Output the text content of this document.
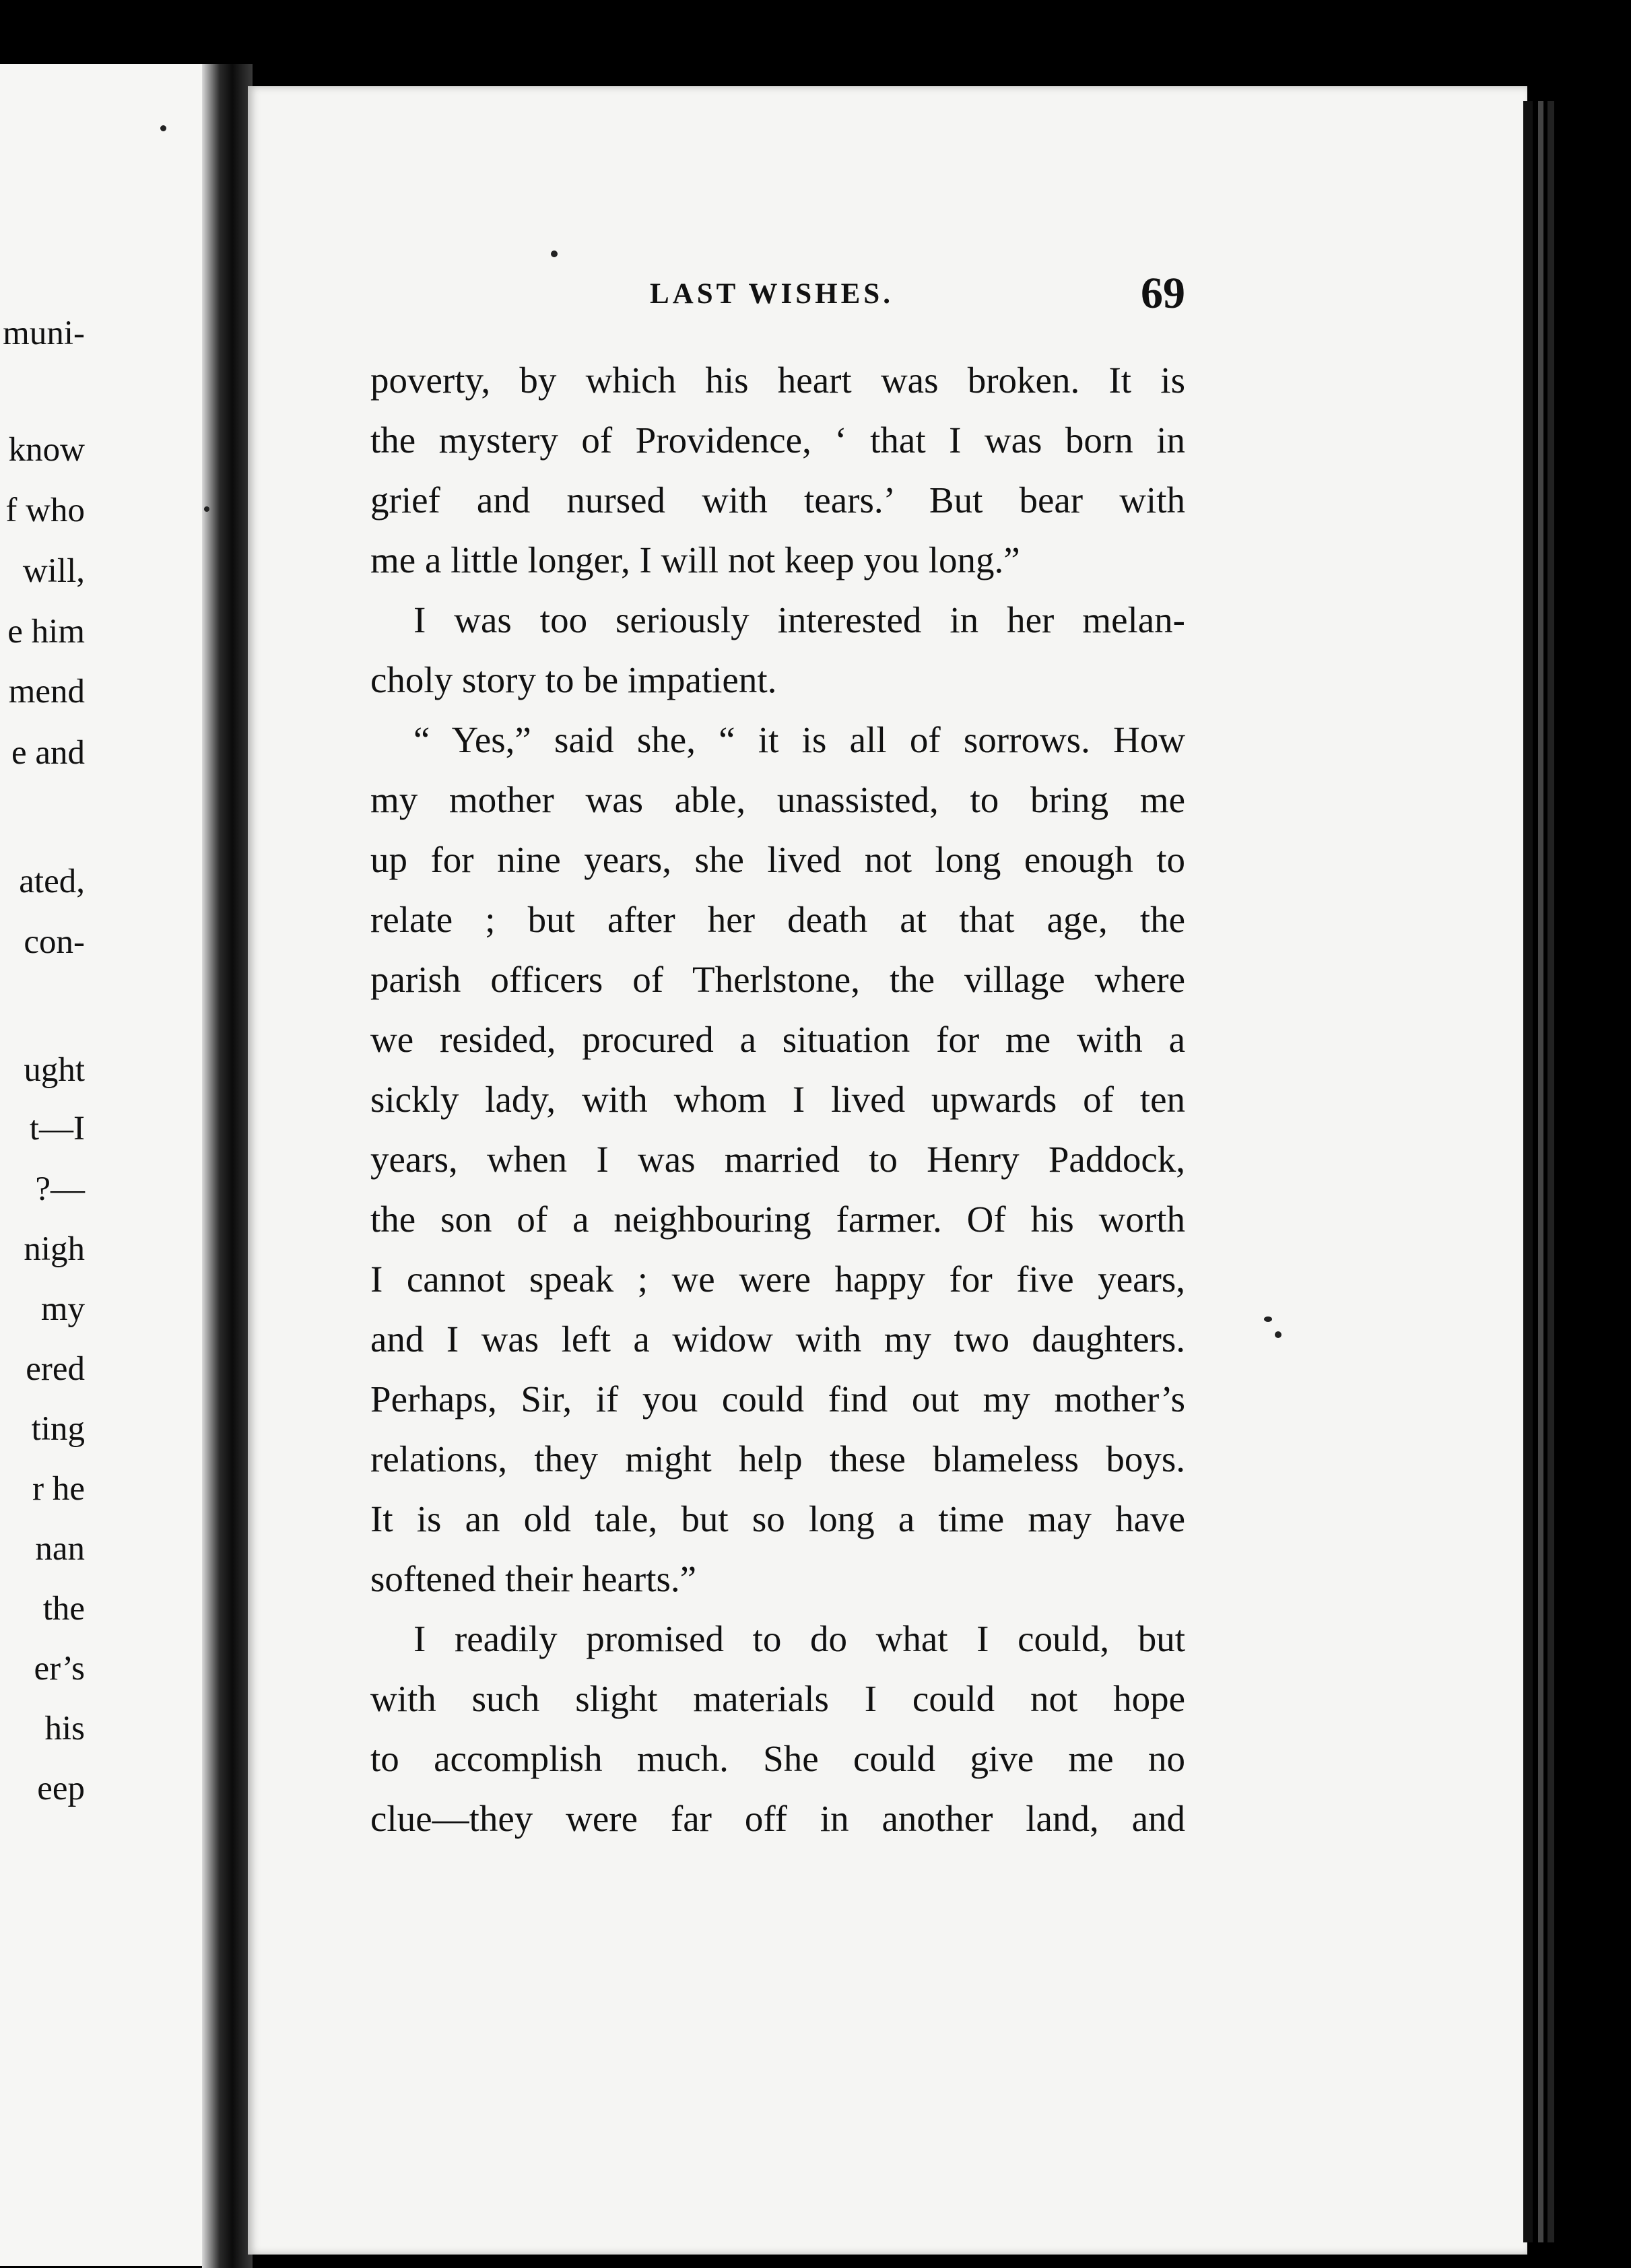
muni-
know
f who
will,
e him
mend
e and
ated,
con-
ught
t—I
?—
nigh
my
ered
ting
r he
nan
the
er’s
his
eep
LAST WISHES.	69
poverty, by which his heart was broken. It is
the mystery of Providence, ‘ that I was born in
grief and nursed with tears.’ But bear with
me a little longer, I will not keep you long.”
I was too seriously interested in her melan-
choly story to be impatient.
“ Yes,” said she, “ it is all of sorrows. How
my mother was able, unassisted, to bring me
up for nine years, she lived not long enough to
relate ; but after her death at that age, the
parish officers of Therlstone, the village where
we resided, procured a situation for me with a
sickly lady, with whom I lived upwards of ten
years, when I was married to Henry Paddock,
the son of a neighbouring farmer. Of his worth
I cannot speak ; we were happy for five years,
and I was left a widow with my two daughters.
Perhaps, Sir, if you could find out my mother’s
relations, they might help these blameless boys.
It is an old tale, but so long a time may have
softened their hearts.”
I readily promised to do what I could, but
with such slight materials I could not hope
to accomplish much. She could give me no
clue—they were far off in another land, and
